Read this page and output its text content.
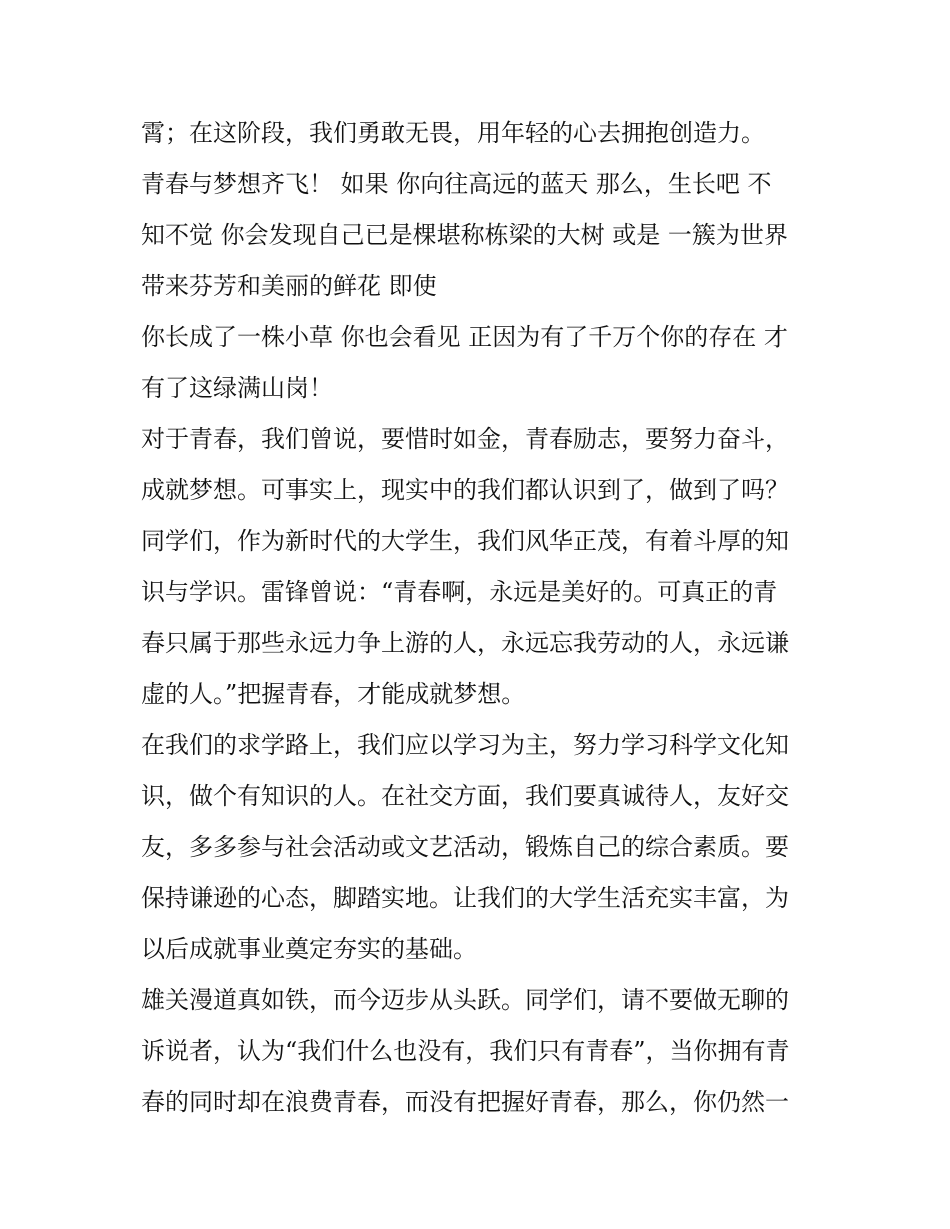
霄；在这阶段，我们勇敢无畏，用年轻的心去拥抱创造力。
青春与梦想齐飞！ 如果 你向往高远的蓝天 那么，生长吧 不
知不觉 你会发现自己已是棵堪称栋梁的大树 或是 一簇为世界
带来芬芳和美丽的鲜花 即使
你长成了一株小草 你也会看见 正因为有了千万个你的存在 才
有了这绿满山岗！
对于青春，我们曾说，要惜时如金，青春励志，要努力奋斗，
成就梦想。可事实上，现实中的我们都认识到了，做到了吗？
同学们，作为新时代的大学生，我们风华正茂，有着斗厚的知
识与学识。雷锋曾说：“青春啊，永远是美好的。可真正的青
春只属于那些永远力争上游的人，永远忘我劳动的人，永远谦
虚的人。”把握青春，才能成就梦想。
在我们的求学路上，我们应以学习为主，努力学习科学文化知
识，做个有知识的人。在社交方面，我们要真诚待人，友好交
友，多多参与社会活动或文艺活动，锻炼自己的综合素质。要
保持谦逊的心态，脚踏实地。让我们的大学生活充实丰富，为
以后成就事业奠定夯实的基础。
雄关漫道真如铁，而今迈步从头跃。同学们，请不要做无聊的
诉说者，认为“我们什么也没有，我们只有青春”，当你拥有青
春的同时却在浪费青春，而没有把握好青春，那么，你仍然一
